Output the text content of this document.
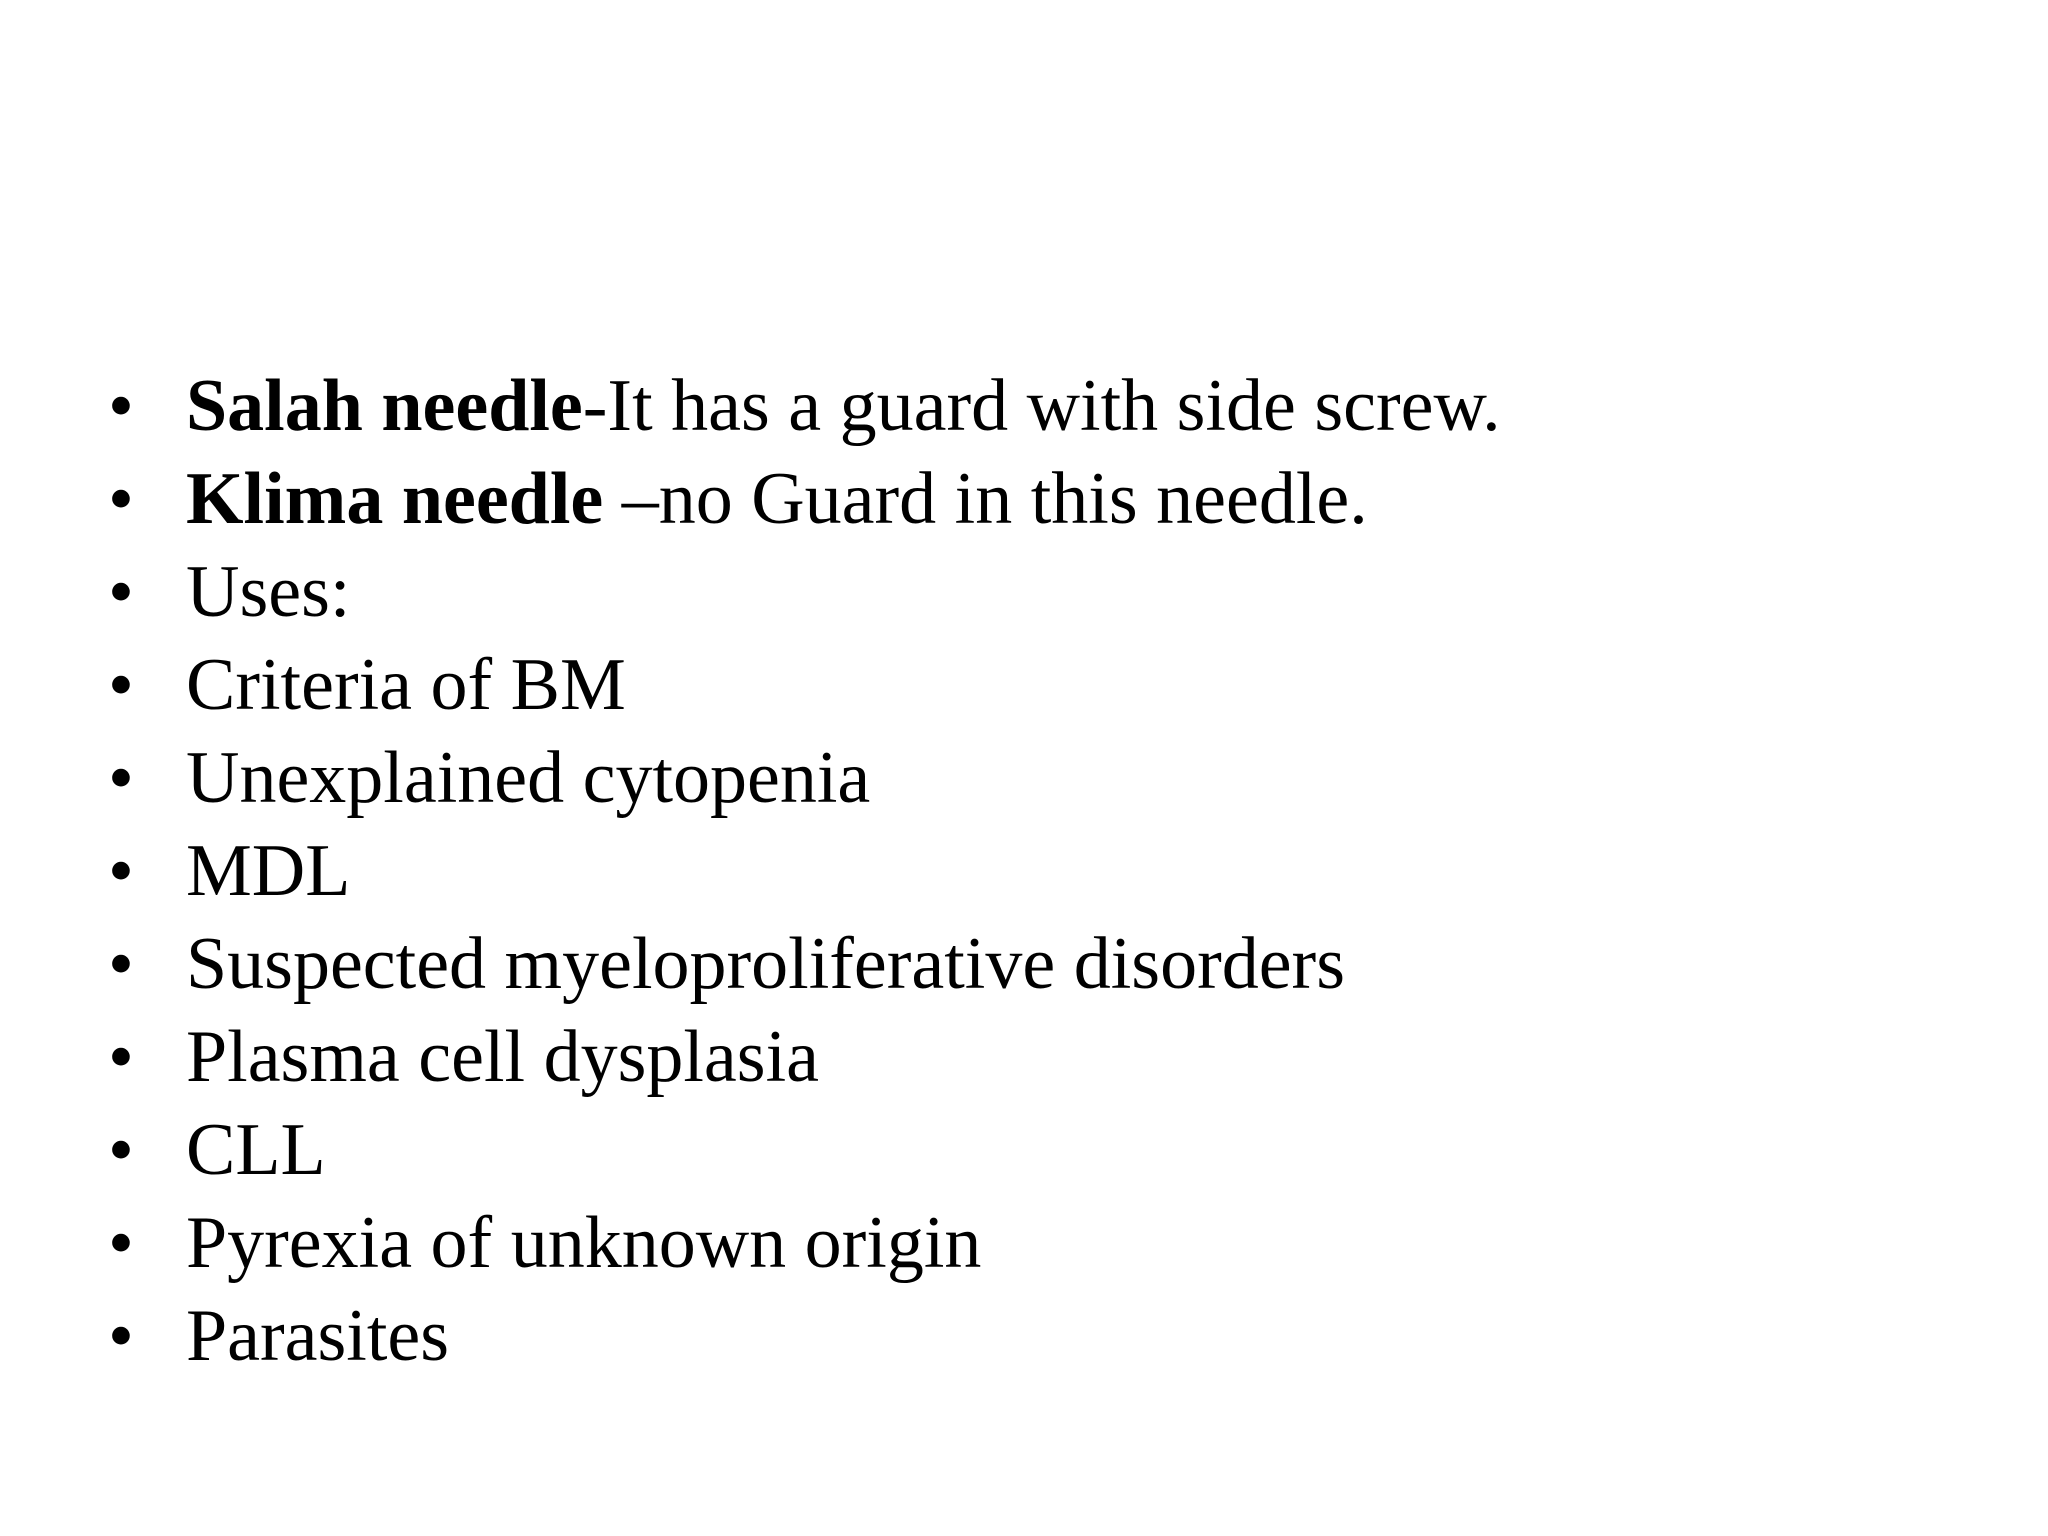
• Salah needle-It has a guard with side screw.
• Klima needle –no Guard in this needle.
• Uses:
• Criteria of BM
• Unexplained cytopenia
• MDL
• Suspected myeloproliferative disorders
• Plasma cell dysplasia
• CLL
• Pyrexia of unknown origin
• Parasites
